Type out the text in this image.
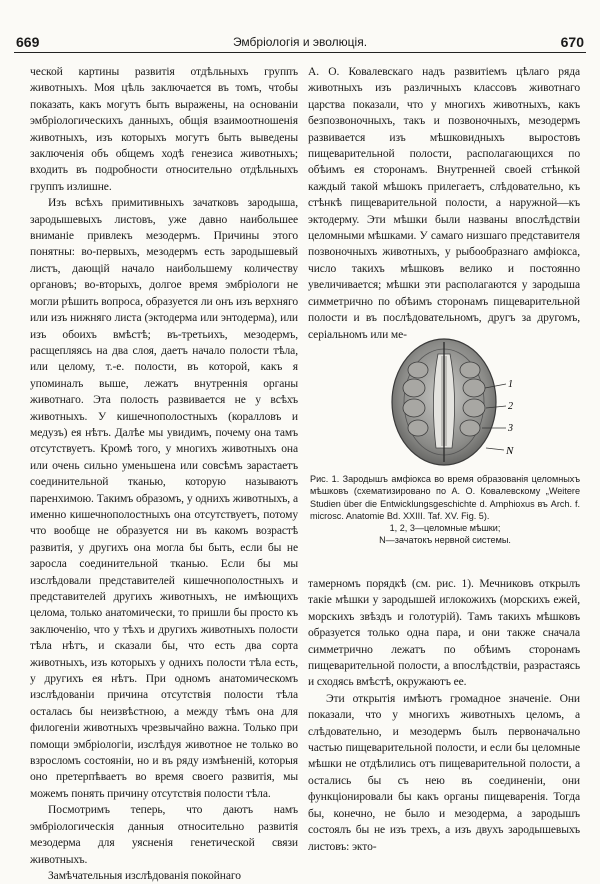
669	Эмбріологія и эволюція.	670

ческой картины развитія отдѣльныхъ группъ животныхъ. Моя цѣль заключается въ томъ, чтобы показать, какъ могутъ быть выражены, на основаніи эмбріологическихъ данныхъ, общія взаимоотношенія животныхъ, изъ которыхъ могутъ быть выведены заключенія объ общемъ ходѣ генезиса животныхъ; входить въ подробности относительно отдѣльныхъ группъ излишне.

Изъ всѣхъ примитивныхъ зачатковъ зародыша, зародышевыхъ листовъ, уже давно наибольшее вниманіе привлекъ мезодермъ. Причины этого понятны: во-первыхъ, мезодермъ есть зародышевый листъ, дающій начало наибольшему количеству органовъ; во-вторыхъ, долгое время эмбріологи не могли рѣшить вопроса, образуется ли онъ изъ верхняго или изъ нижняго листа (эктодерма или энтодерма), или изъ обоихъ вмѣстѣ; въ-третьихъ, мезодермъ, расщепляясь на два слоя, даетъ начало полости тѣла, или целому, т.-е. полости, въ которой, какъ я упоминалъ выше, лежатъ внутреннія органы животнаго. Эта полость развивается не у всѣхъ животныхъ. У кишечнополостныхъ (коралловъ и медузъ) ея нѣтъ. Далѣе мы увидимъ, почему она тамъ отсутствуетъ. Кромѣ того, у многихъ животныхъ она или очень сильно уменьшена или совсѣмъ зарастаетъ соединительной тканью, которую называютъ паренхимою. Такимъ образомъ, у однихъ животныхъ, а именно кишечнополостныхъ она отсутствуетъ, потому что вообще не образуется ни въ какомъ возрастѣ развитія, у другихъ она могла бы быть, если бы не заросла соединительной тканью. Если бы мы изслѣдовали представителей кишечнополостныхъ и представителей другихъ животныхъ, не имѣющихъ целома, только анатомически, то пришли бы просто къ заключенію, что у тѣхъ и другихъ животныхъ полости тѣла нѣтъ, и сказали бы, что есть два сорта животныхъ, изъ которыхъ у однихъ полости тѣла есть, у другихъ ея нѣтъ. При одномъ анатомическомъ изслѣдованіи причина отсутствія полости тѣла осталась бы неизвѣстною, а между тѣмъ она для филогеніи животныхъ чрезвычайно важна. Только при помощи эмбріологіи, изслѣдуя животное не только во взросломъ состояніи, но и въ ряду измѣненій, которыя оно претерпѣваетъ во время своего развитія, мы можемъ понять причину отсутствія полости тѣла.

Посмотримъ теперь, что даютъ намъ эмбріологическія данныя относительно развитія мезодерма для уясненія генетической связи животныхъ.

Замѣчательныя изслѣдованія покойнаго

А. О. Ковалевскаго надъ развитіемъ цѣлаго ряда животныхъ изъ различныхъ классовъ животнаго царства показали, что у многихъ животныхъ, какъ безпозвоночныхъ, такъ и позвоночныхъ, мезодермъ развивается изъ мѣшковидныхъ выростовъ пищеварительной полости, располагающихся по обѣимъ ея сторонамъ. Внутренней своей стѣнкой каждый такой мѣшокъ прилегаетъ, слѣдовательно, къ стѣнкѣ пищеварительной полости, а наружной—къ эктодерму. Эти мѣшки были названы впослѣдствіи целомными мѣшками. У самаго низшаго представителя позвоночныхъ животныхъ, у рыбообразнаго амфіокса, число такихъ мѣшковъ велико и постоянно увеличивается; мѣшки эти располагаются у зародыша симметрично по обѣимъ сторонамъ пищеварительной полости и въ послѣдовательномъ, другъ за другомъ, серіальномъ или ме-

1
2
3
N
Рис. 1. Зародышъ амфіокса во время образованія целомныхъ мѣшковъ (схематизировано по А. О. Ковалевскому „Weitere Studien über die Entwicklungsgeschichte d. Amphioxus въ Arch. f. microsc. Anatomie Bd. XXIII. Taf. XV. Fig. 5).
1, 2, 3—целомные мѣшки;
N—зачатокъ нервной системы.

тамерномъ порядкѣ (см. рис. 1). Мечниковъ открылъ такіе мѣшки у зародышей иглокожихъ (морскихъ ежей, морскихъ звѣздъ и голотурій). Тамъ такихъ мѣшковъ образуется только одна пара, и они также сначала симметрично лежатъ по обѣимъ сторонамъ пищеварительной полости, а впослѣдствіи, разрастаясь и сходясь вмѣстѣ, окружаютъ ее.

Эти открытія имѣютъ громадное значеніе. Они показали, что у многихъ животныхъ целомъ, а слѣдовательно, и мезодермъ былъ первоначально частью пищеварительной полости, и если бы целомные мѣшки не отдѣлились отъ пищеварительной полости, а остались бы съ нею въ соединеніи, они функціонировали бы какъ органы пищеваренія. Тогда бы, конечно, не было и мезодерма, а зародышъ состоялъ бы не изъ трехъ, а изъ двухъ зародышевыхъ листовъ: экто-
